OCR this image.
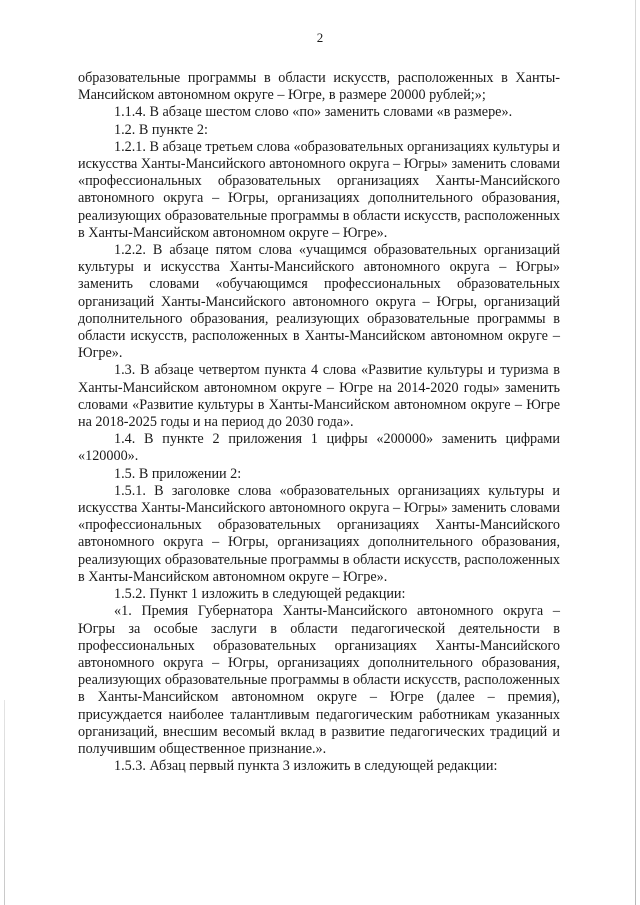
2

образовательные программы в области искусств, расположенных в Ханты-Мансийском автономном округе – Югре, в размере 20000 рублей;»;

1.1.4. В абзаце шестом слово «по» заменить словами «в размере».

1.2. В пункте 2:

1.2.1. В абзаце третьем слова «образовательных организациях культуры и искусства Ханты-Мансийского автономного округа – Югры» заменить словами «профессиональных образовательных организациях Ханты-Мансийского автономного округа – Югры, организациях дополнительного образования, реализующих образовательные программы в области искусств, расположенных в Ханты-Мансийском автономном округе – Югре».

1.2.2. В абзаце пятом слова «учащимся образовательных организаций культуры и искусства Ханты-Мансийского автономного округа – Югры» заменить словами «обучающимся профессиональных образовательных организаций Ханты-Мансийского автономного округа – Югры, организаций дополнительного образования, реализующих образовательные программы в области искусств, расположенных в Ханты-Мансийском автономном округе – Югре».

1.3. В абзаце четвертом пункта 4 слова «Развитие культуры и туризма в Ханты-Мансийском автономном округе – Югре на 2014-2020 годы» заменить словами «Развитие культуры в Ханты-Мансийском автономном округе – Югре на 2018-2025 годы и на период до 2030 года».

1.4. В пункте 2 приложения 1 цифры «200000» заменить цифрами «120000».

1.5. В приложении 2:

1.5.1. В заголовке слова «образовательных организациях культуры и искусства Ханты-Мансийского автономного округа – Югры» заменить словами «профессиональных образовательных организациях Ханты-Мансийского автономного округа – Югры, организациях дополнительного образования, реализующих образовательные программы в области искусств, расположенных в Ханты-Мансийском автономном округе – Югре».

1.5.2. Пункт 1 изложить в следующей редакции:

«1. Премия Губернатора Ханты-Мансийского автономного округа – Югры за особые заслуги в области педагогической деятельности в профессиональных образовательных организациях Ханты-Мансийского автономного округа – Югры, организациях дополнительного образования, реализующих образовательные программы в области искусств, расположенных в Ханты-Мансийском автономном округе – Югре (далее – премия), присуждается наиболее талантливым педагогическим работникам указанных организаций, внесшим весомый вклад в развитие педагогических традиций и получившим общественное признание.».

1.5.3. Абзац первый пункта 3 изложить в следующей редакции:
